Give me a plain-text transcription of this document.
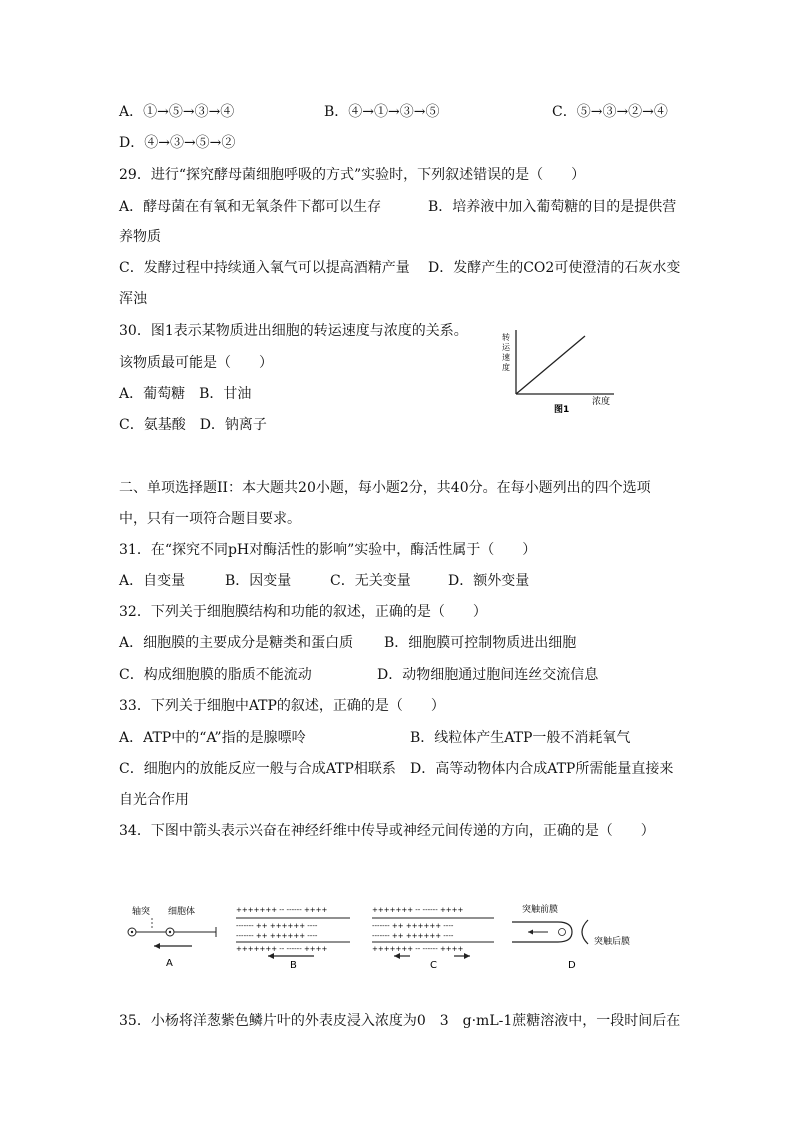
A．①→⑤→③→④	B．④→①→③→⑤	C．⑤→③→②→④
D．④→③→⑤→②
29．进行“探究酵母菌细胞呼吸的方式”实验时，下列叙述错误的是（　　）
A．酵母菌在有氧和无氧条件下都可以生存	B．培养液中加入葡萄糖的目的是提供营
养物质
C．发酵过程中持续通入氧气可以提高酒精产量 D．发酵产生的CO2可使澄清的石灰水变
浑浊
30．图1表示某物质进出细胞的转运速度与浓度的关系。
该物质最可能是（　　）
A．葡萄糖　B．甘油
C．氨基酸　D．钠离子
转
运
速
度
浓度
图1
二、单项选择题II：本大题共20小题，每小题2分，共40分。在每小题列出的四个选项
中，只有一项符合题目要求。
31．在“探究不同pH对酶活性的影响”实验中，酶活性属于（　　）
A．自变量	B．因变量	C．无关变量	D．额外变量
32．下列关于细胞膜结构和功能的叙述，正确的是（　　）
A．细胞膜的主要成分是糖类和蛋白质 B．细胞膜可控制物质进出细胞
C．构成细胞膜的脂质不能流动	D．动物细胞通过胞间连丝交流信息
33．下列关于细胞中ATP的叙述，正确的是（　　）
A．ATP中的“A”指的是腺嘌呤	B．线粒体产生ATP一般不消耗氧气
C．细胞内的放能反应一般与合成ATP相联系 D．高等动物体内合成ATP所需能量直接来
自光合作用
34．下图中箭头表示兴奋在神经纤维中传导或神经元间传递的方向，正确的是（　　）
轴突 细胞体
A
+++++++ -- ------ ++++
------- ++ ++++++ ----
------- ++ ++++++ ----
+++++++ -- ------ ++++
B
+++++++ -- ------ ++++
------- ++ ++++++ ----
------- ++ ++++++ ----
+++++++ -- ------ ++++
C
突触前膜
突触后膜
D
35．小杨将洋葱紫色鳞片叶的外表皮浸入浓度为0　3　g·mL-1蔗糖溶液中，一段时间后在
